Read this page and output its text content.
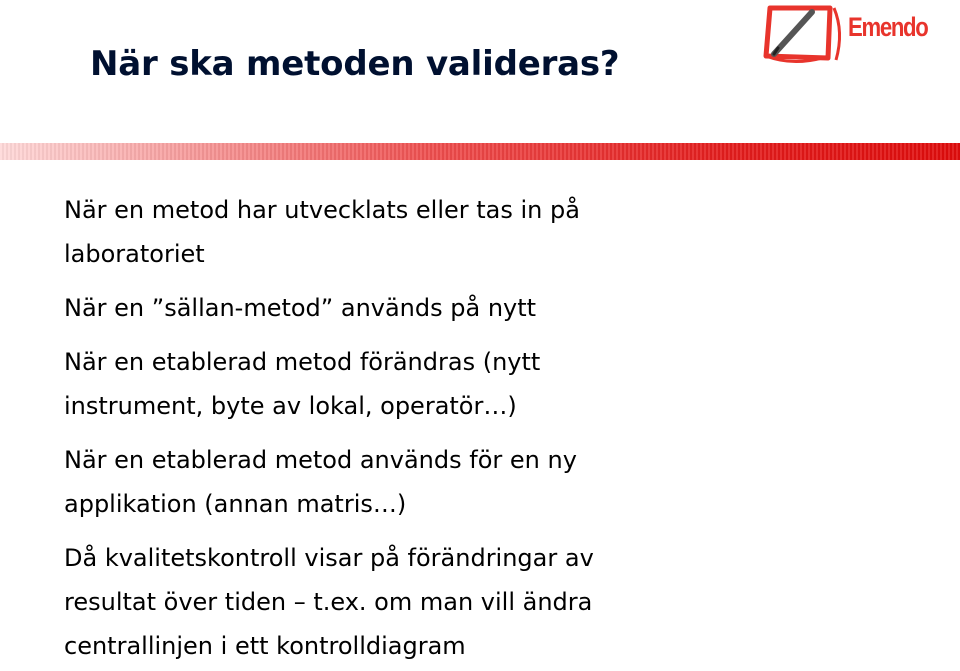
När ska metoden valideras?
Emendo
När en metod har utvecklats eller tas in på
laboratoriet
När en ”sällan-metod” används på nytt
När en etablerad metod förändras (nytt
instrument, byte av lokal, operatör…)
När en etablerad metod används för en ny
applikation (annan matris…)
Då kvalitetskontroll visar på förändringar av
resultat över tiden – t.ex. om man vill ändra
centrallinjen i ett kontrolldiagram
